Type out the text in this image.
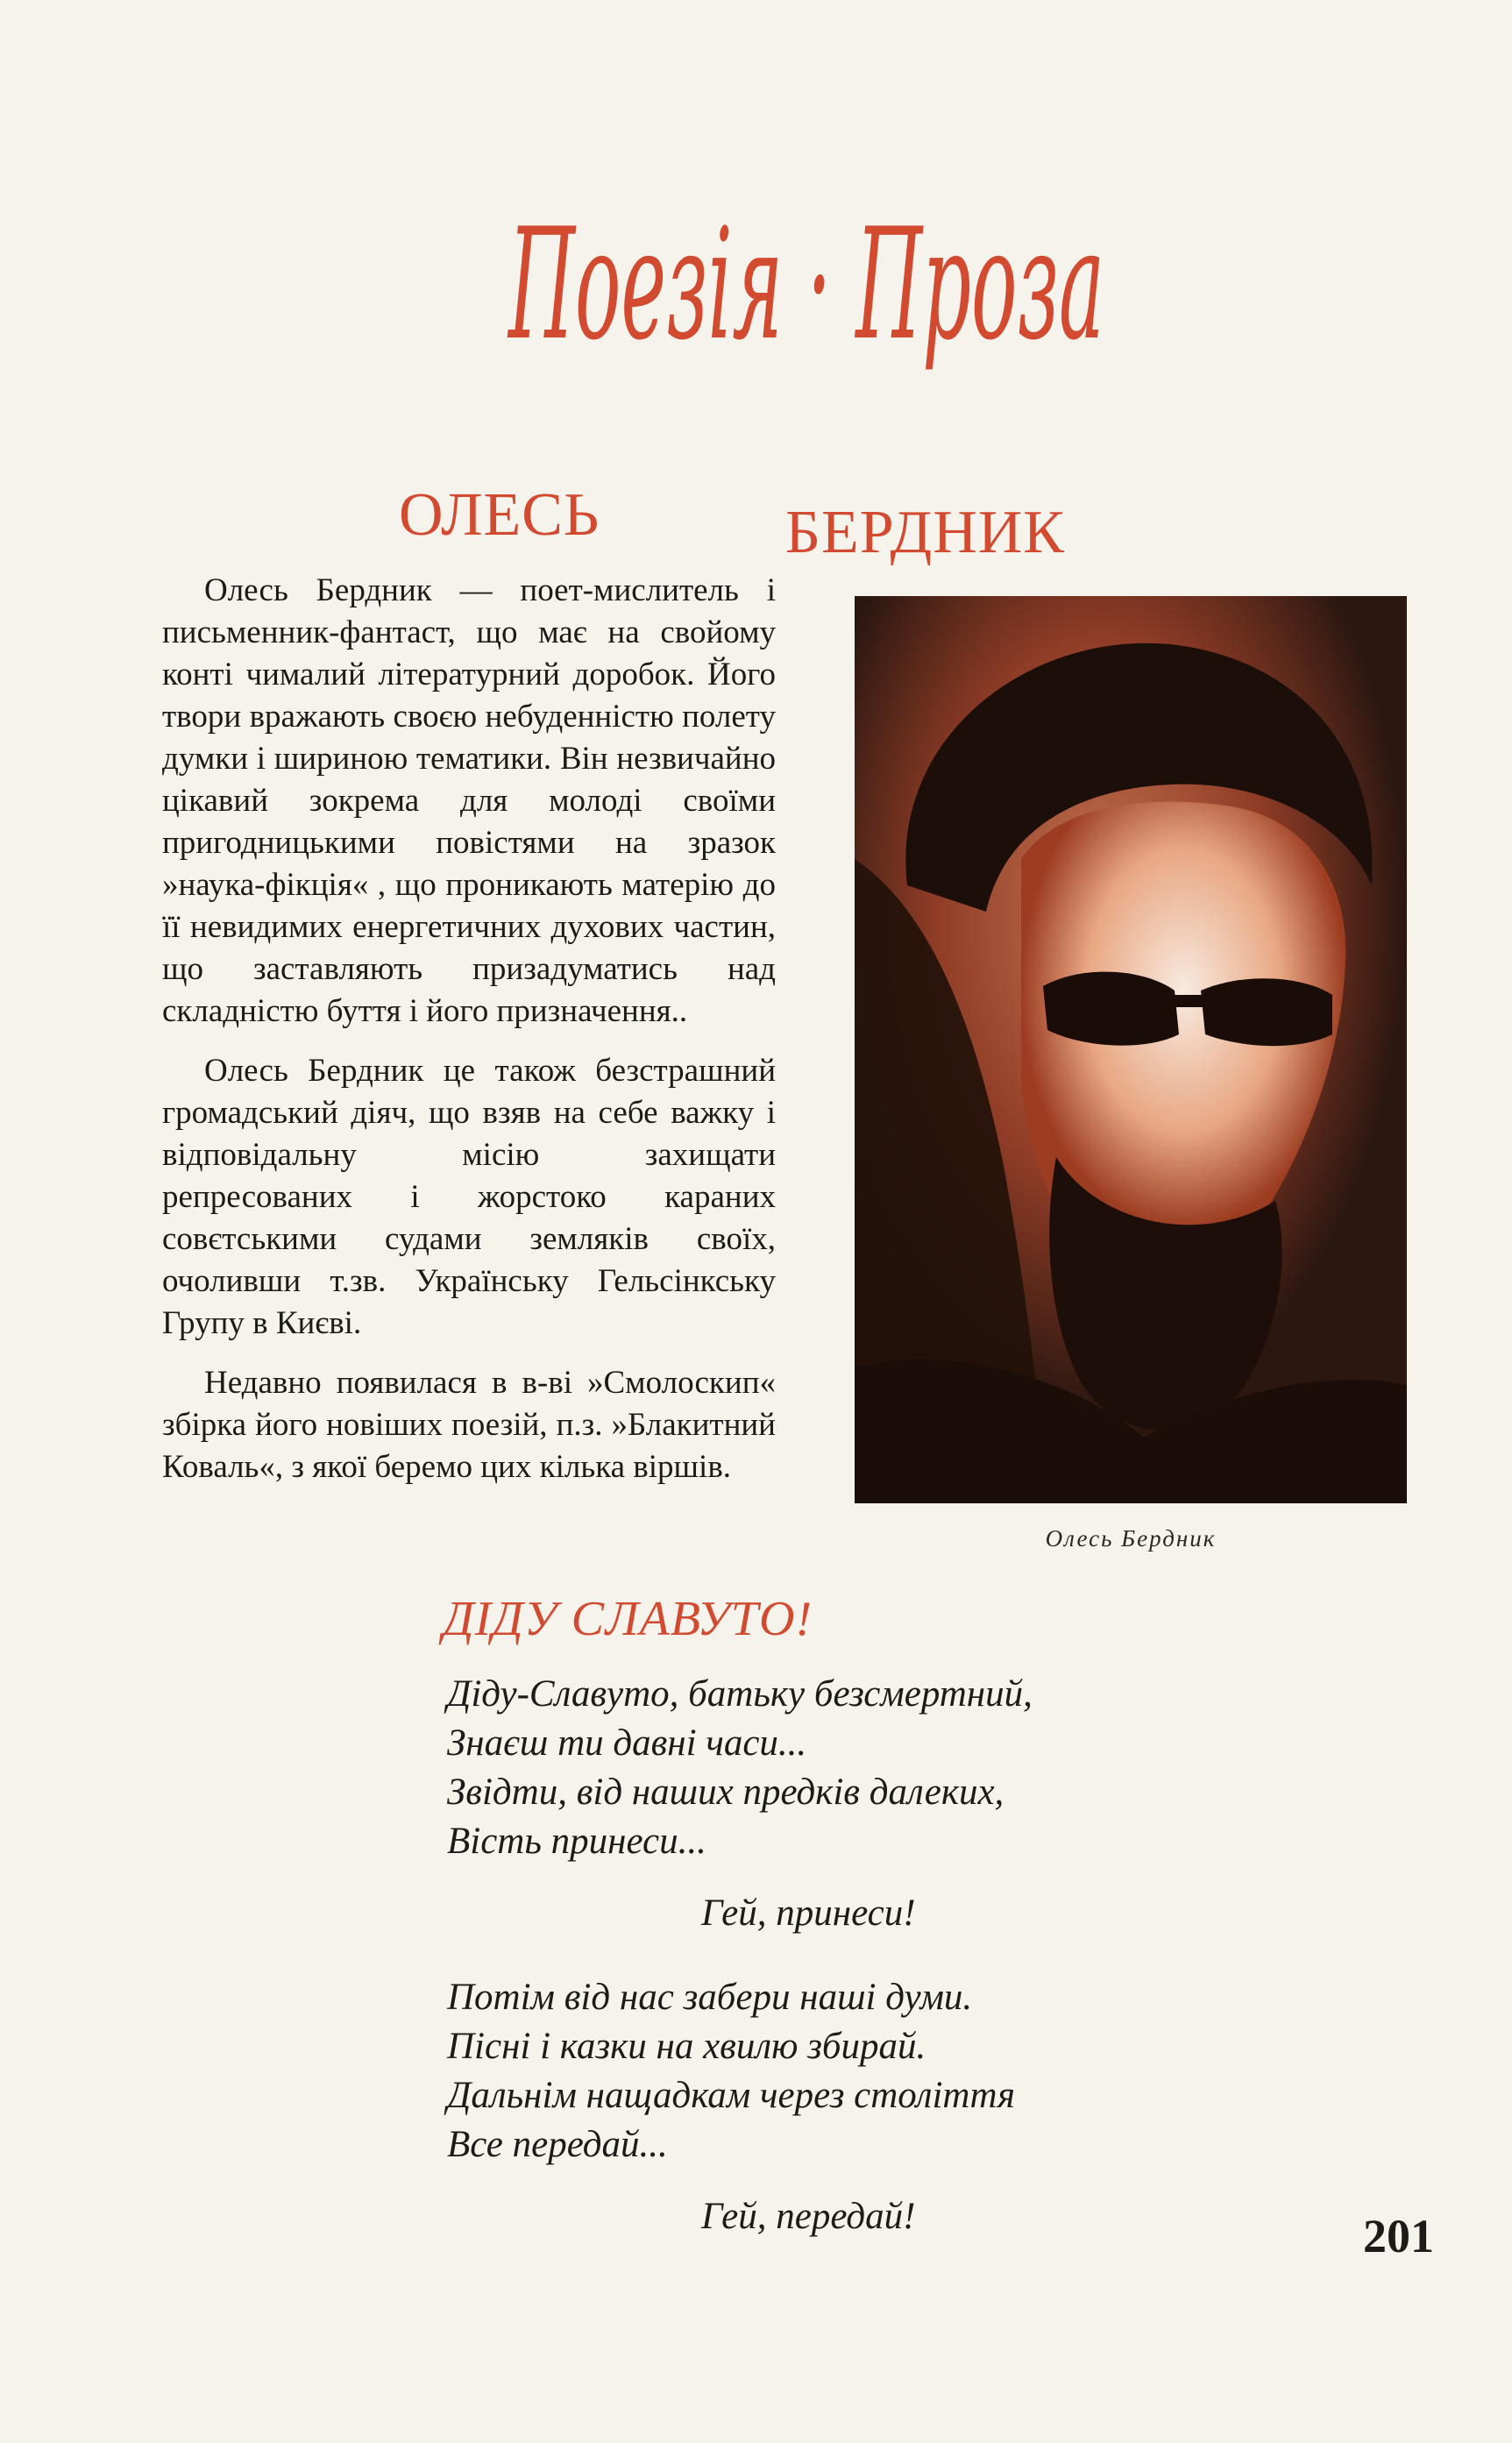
Поезія · Проза
ОЛЕСЬ	БЕРДНИК

Олесь Бердник — поет-мислитель і письменник-фантаст, що має на свойому конті чималий літературний доробок. Його твори вражають своєю небуденністю полету думки і шириною тематики. Він незвичайно цікавий зокрема для молоді своїми пригодницькими повістями на зразок »наука-фікція« , що проникають матерію до її невидимих енергетичних духових частин, що заставляють призадуматись над складністю буття і його призначення..

Олесь Бердник це також безстрашний громадський діяч, що взяв на себе важку і відповідальну місію захищати репресованих і жорстоко караних совєтськими судами земляків своїх, очоливши т.зв. Українську Гельсінкську Групу в Києві.

Недавно появилася в в-ві »Смолоскип« збірка його новіших поезій, п.з. »Блакитний Коваль«, з якої беремо цих кілька віршів.

Олесь Бердник
ДІДУ СЛАВУТО!
Діду-Славуто, батьку безсмертний,
Знаєш ти давні часи...
Звідти, від наших предків далеких,
Вість принеси...
Гей, принеси!
Потім від нас забери наші думи.
Пісні і казки на хвилю збирай.
Дальнім нащадкам через століття
Все передай...
Гей, передай!	201
